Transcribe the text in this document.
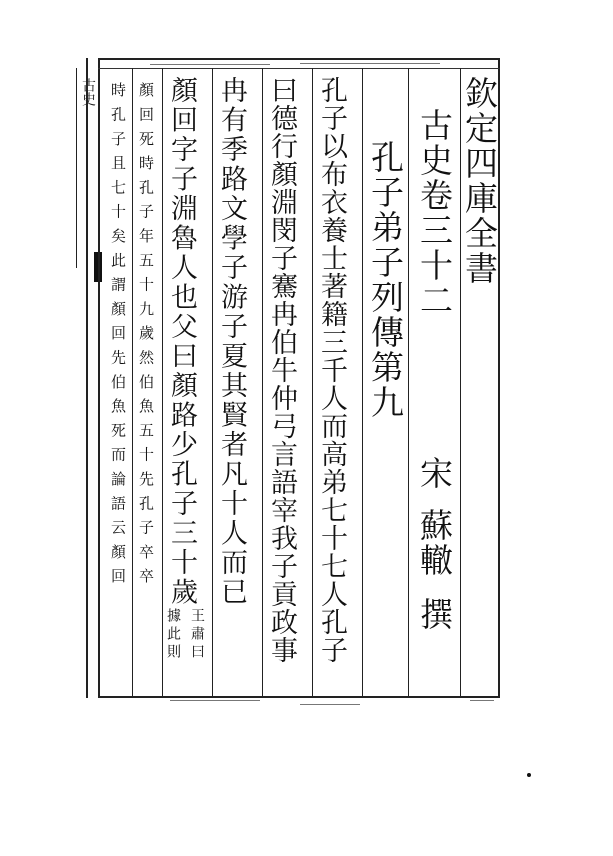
古史	欽定四庫全書
古史卷三十二
宋
蘇轍
撰
孔子弟子列傳第九
孔子以布衣養士著籍三千人而高弟七十七人孔子
曰德行顏淵閔子騫冉伯牛仲弓言語宰我子貢政事
冉有季路文學子游子夏其賢者凡十人而已
顏回字子淵魯人也父曰顏路少孔子三十歲
王肅曰
據此則
顏回死時孔子年五十九歲然伯魚五十先孔子卒卒
時孔子且七十矣此謂顏回先伯魚死而論語云顏回
